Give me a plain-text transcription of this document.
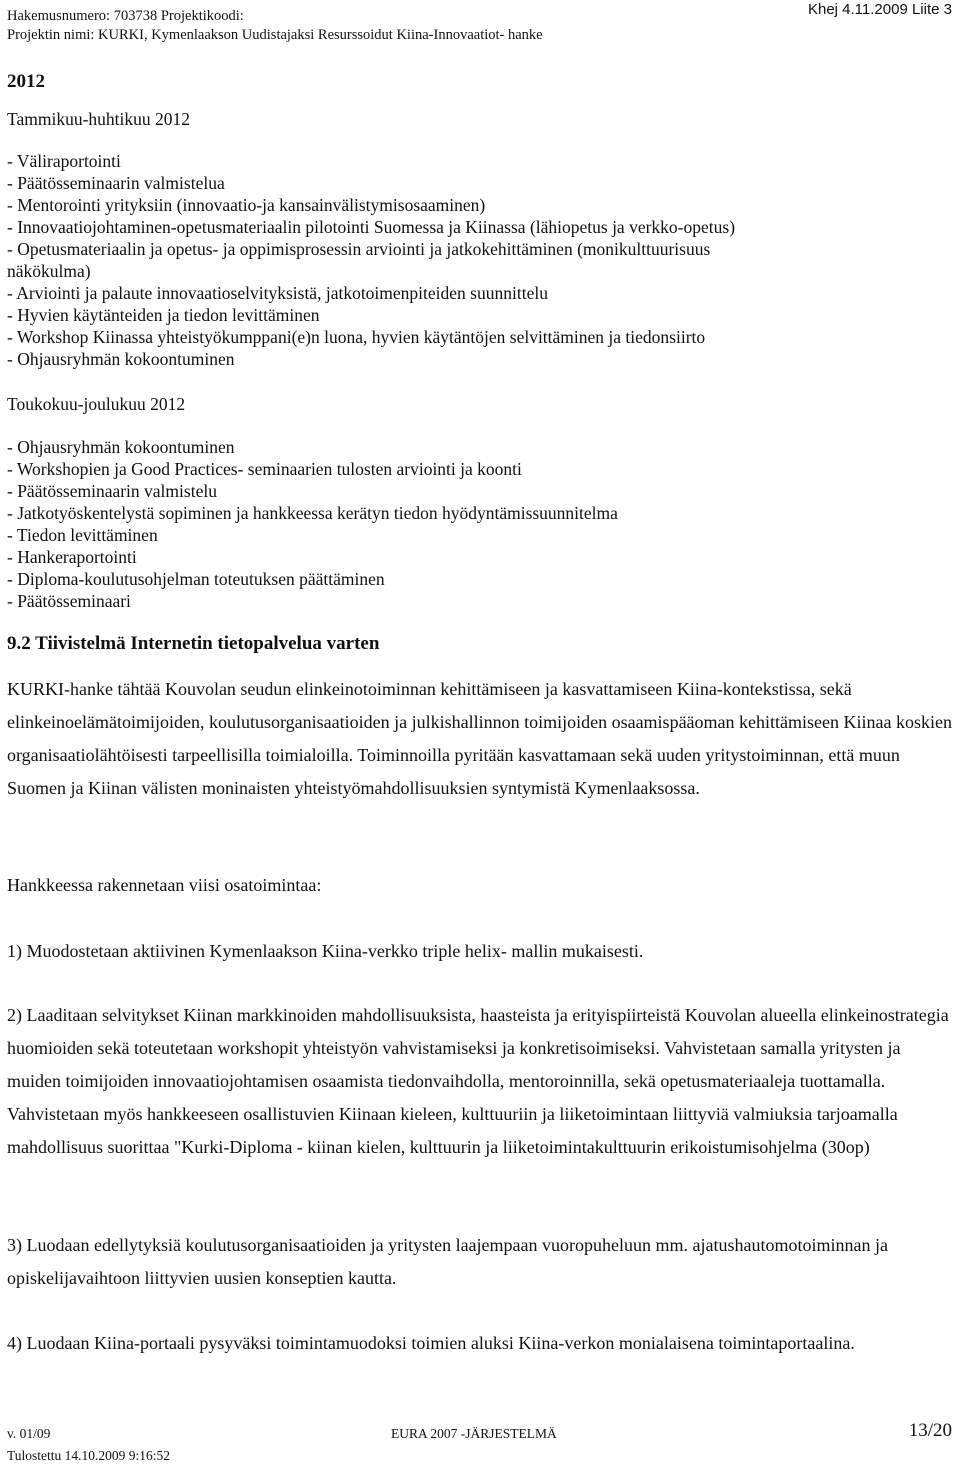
Hakemusnumero: 703738 Projektikoodi:
Projektin nimi: KURKI, Kymenlaakson Uudistajaksi Resurssoidut Kiina-Innovaatiot- hanke
Khej 4.11.2009 Liite 3
2012
Tammikuu-huhtikuu 2012
- Väliraportointi
- Päätösseminaarin valmistelua
- Mentorointi yrityksiin (innovaatio-ja kansainvälistymisosaaminen)
- Innovaatiojohtaminen-opetusmateriaalin pilotointi Suomessa ja Kiinassa (lähiopetus ja verkko-opetus)
- Opetusmateriaalin ja opetus- ja oppimisprosessin arviointi ja jatkokehittäminen (monikulttuurisuus
näkökulma)
- Arviointi ja palaute innovaatioselvityksistä, jatkotoimenpiteiden suunnittelu
- Hyvien käytänteiden ja tiedon levittäminen
- Workshop Kiinassa yhteistyökumppani(e)n luona, hyvien käytäntöjen selvittäminen ja tiedonsiirto
- Ohjausryhmän kokoontuminen
Toukokuu-joulukuu 2012
- Ohjausryhmän kokoontuminen
- Workshopien ja Good Practices- seminaarien tulosten arviointi ja koonti
- Päätösseminaarin valmistelu
- Jatkotyöskentelystä sopiminen ja hankkeessa kerätyn tiedon hyödyntämissuunnitelma
- Tiedon levittäminen
- Hankeraportointi
- Diploma-koulutusohjelman toteutuksen päättäminen
- Päätösseminaari
9.2 Tiivistelmä Internetin tietopalvelua varten

KURKI-hanke tähtää Kouvolan seudun elinkeinotoiminnan kehittämiseen ja kasvattamiseen Kiina-kontekstissa, sekä elinkeinoelämätoimijoiden, koulutusorganisaatioiden ja julkishallinnon toimijoiden osaamispääoman kehittämiseen Kiinaa koskien organisaatiolähtöisesti tarpeellisilla toimialoilla. Toiminnoilla pyritään kasvattamaan sekä uuden yritystoiminnan, että muun Suomen ja Kiinan välisten moninaisten yhteistyömahdollisuuksien syntymistä Kymenlaaksossa.

Hankkeessa rakennetaan viisi osatoimintaa:

1) Muodostetaan aktiivinen Kymenlaakson Kiina-verkko triple helix- mallin mukaisesti.

2) Laaditaan selvitykset Kiinan markkinoiden mahdollisuuksista, haasteista ja erityispiirteistä Kouvolan alueella elinkeinostrategia huomioiden sekä toteutetaan workshopit yhteistyön vahvistamiseksi ja konkretisoimiseksi. Vahvistetaan samalla yritysten ja muiden toimijoiden innovaatiojohtamisen osaamista tiedonvaihdolla, mentoroinnilla, sekä opetusmateriaaleja tuottamalla. Vahvistetaan myös hankkeeseen osallistuvien Kiinaan kieleen, kulttuuriin ja liiketoimintaan liittyviä valmiuksia tarjoamalla mahdollisuus suorittaa "Kurki-Diploma - kiinan kielen, kulttuurin ja liiketoimintakulttuurin erikoistumisohjelma (30op)

3) Luodaan edellytyksiä koulutusorganisaatioiden ja yritysten laajempaan vuoropuheluun mm. ajatushautomotoiminnan ja opiskelijavaihtoon liittyvien uusien konseptien kautta.

4) Luodaan Kiina-portaali pysyväksi toimintamuodoksi toimien aluksi Kiina-verkon monialaisena toimintaportaalina.

v. 01/09	EURA 2007 -JÄRJESTELMÄ	13/20
Tulostettu 14.10.2009 9:16:52
